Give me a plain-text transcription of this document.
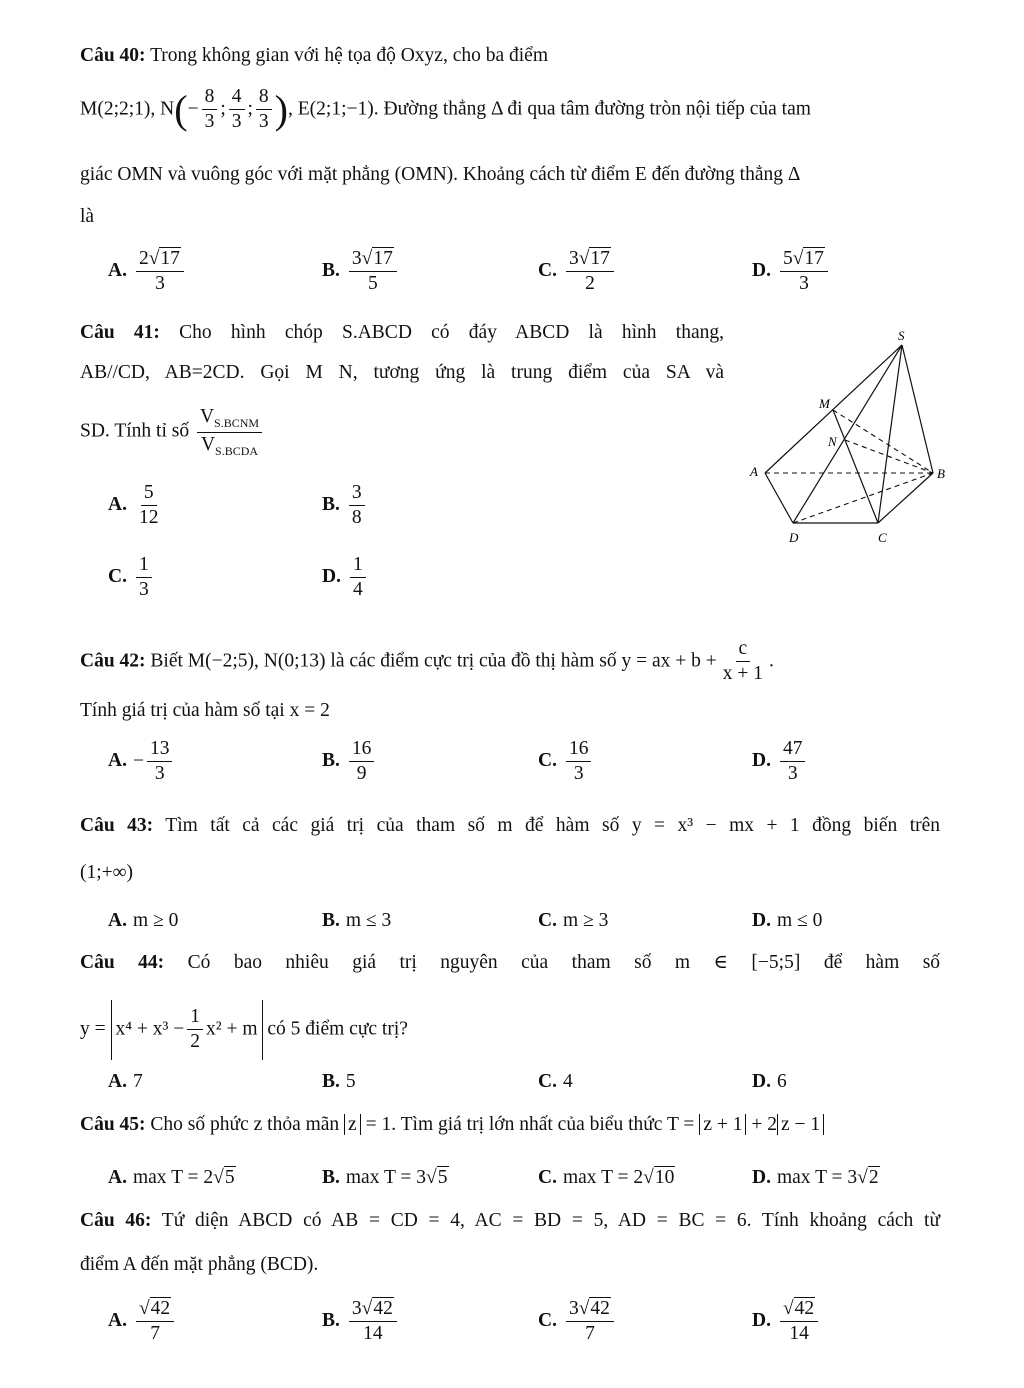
Câu 40: Trong không gian với hệ tọa độ Oxyz, cho ba điểm
M(2;2;1), $N(- \frac{8}{3}$ ; $\frac{4}{3}$ ; $\frac{8}{3}$ ), E(2;1;−1). Đường thẳng Δ đi qua tâm đường tròn nội tiếp của tam
giác OMN và vuông góc với mặt phẳng (OMN). Khoảng cách từ điểm E đến đường thẳng Δ
là
A. $\frac{2√17}{3}$	B. $\frac{3√17}{5}$	C. $\frac{3√17}{2}$	D. $\frac{5√17}{3}$
Câu 41: Cho hình chóp S.ABCD có đáy ABCD là hình thang,
AB//CD, AB=2CD. Gọi M N, tương ứng là trung điểm của SA và
SD. Tính tỉ số $\frac{V_{S.BCNM}}{V_{S.BCDA}}$
A. $\frac{5}{12}$	B. $\frac{3}{8}$
C. $\frac{1}{3}$	D. $\frac{1}{4}$
S
M
N
A	B
D	C
Câu 42: Biết M(−2;5), N(0;13) là các điểm cực trị của đồ thị hàm số y = ax + $b + \frac{c}{x + 1}$ .
Tính giá trị của hàm số tại x = 2
A. − $\frac{13}{3}$	B. $\frac{16}{9}$	C. $\frac{16}{3}$	D. $\frac{47}{3}$
Câu 43: Tìm tất cả các giá trị của tham số m để hàm số y = x³ − mx + 1 đồng biến trên
(1;+∞)
A. m ≥ 0	B. m ≤ 3	C. m ≥ 3	D. m ≤ 0
Câu 44: Có bao nhiêu giá trị nguyên của tham số m ∈ [−5;5] để hàm số
$y = x^4 + x^3 - \frac{1}{2} x^2 + m$ có 5 điểm cực trị?
A. 7	B. 5	C. 4	D. 6
Câu 45: Cho số phức z thỏa mãn z = 1. Tìm giá trị lớn nhất của biểu thức T = z + 1 + 2 z − 1
A. max T = 2√5	B. max T = 3√5	C. max T = 2√10	D. max T = 3√2
Câu 46: Tứ diện ABCD có AB = CD = 4, AC = BD = 5, AD = BC = 6. Tính khoảng cách từ
điểm A đến mặt phẳng (BCD).
A. $\frac{√42}{7}$	B. $\frac{3√42}{14}$	C. $\frac{3√42}{7}$	D. $\frac{√42}{14}$
